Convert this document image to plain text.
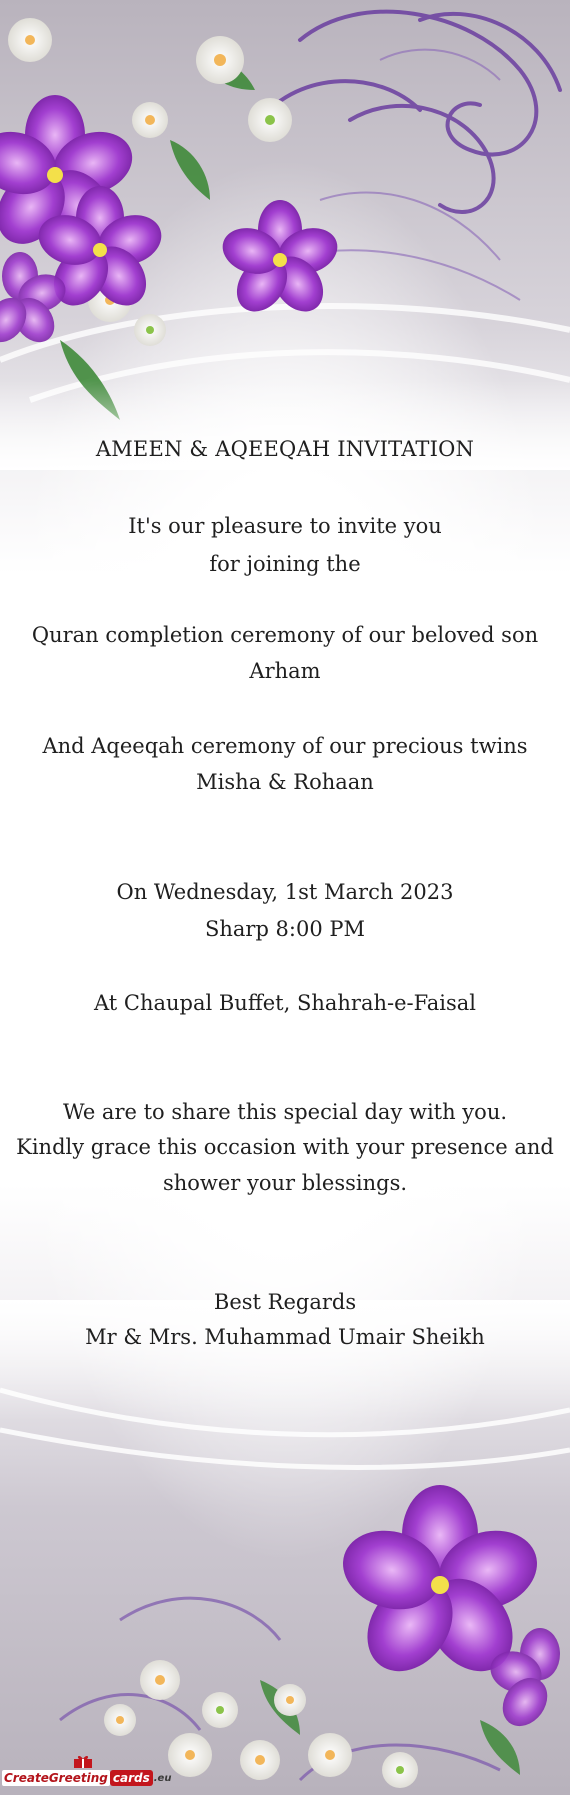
AMEEN & AQEEQAH INVITATION
It's our pleasure to invite you
for joining the
Quran completion ceremony of our beloved son
Arham
And Aqeeqah ceremony of our precious twins
Misha & Rohaan
On Wednesday, 1st March 2023
Sharp 8:00 PM
At Chaupal Buffet, Shahrah-e-Faisal
We are to share this special day with you.
Kindly grace this occasion with your presence and
shower your blessings.
Best Regards
Mr & Mrs. Muhammad Umair Sheikh
CreateGreeting cards .eu
